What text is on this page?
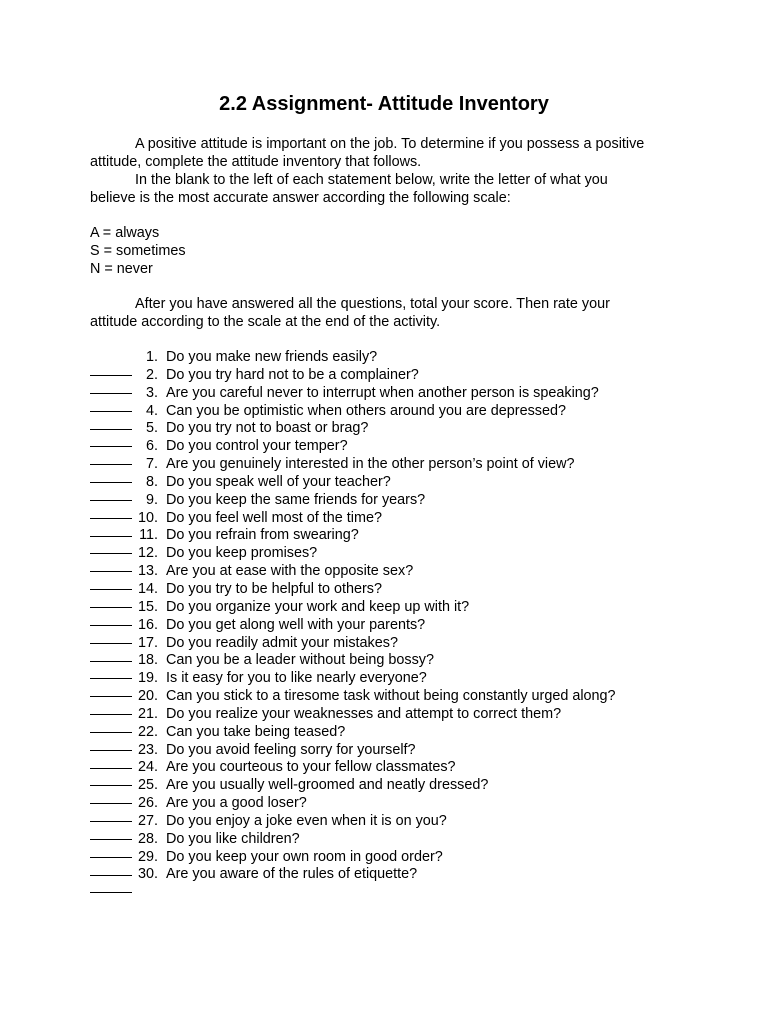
2.2 Assignment- Attitude Inventory

A positive attitude is important on the job. To determine if you possess a positive

attitude, complete the attitude inventory that follows.

In the blank to the left of each statement below, write the letter of what you

believe is the most accurate answer according the following scale:

A = always

S = sometimes

N = never

After you have answered all the questions, total your score. Then rate your

attitude according to the scale at the end of the activity.

1. Do you make new friends easily?
2. Do you try hard not to be a complainer?
3. Are you careful never to interrupt when another person is speaking?
4. Can you be optimistic when others around you are depressed?
5. Do you try not to boast or brag?
6. Do you control your temper?
7. Are you genuinely interested in the other person’s point of view?
8. Do you speak well of your teacher?
9. Do you keep the same friends for years?
10. Do you feel well most of the time?
11. Do you refrain from swearing?
12. Do you keep promises?
13. Are you at ease with the opposite sex?
14. Do you try to be helpful to others?
15. Do you organize your work and keep up with it?
16. Do you get along well with your parents?
17. Do you readily admit your mistakes?
18. Can you be a leader without being bossy?
19. Is it easy for you to like nearly everyone?
20. Can you stick to a tiresome task without being constantly urged along?
21. Do you realize your weaknesses and attempt to correct them?
22. Can you take being teased?
23. Do you avoid feeling sorry for yourself?
24. Are you courteous to your fellow classmates?
25. Are you usually well-groomed and neatly dressed?
26. Are you a good loser?
27. Do you enjoy a joke even when it is on you?
28. Do you like children?
29. Do you keep your own room in good order?
30. Are you aware of the rules of etiquette?
